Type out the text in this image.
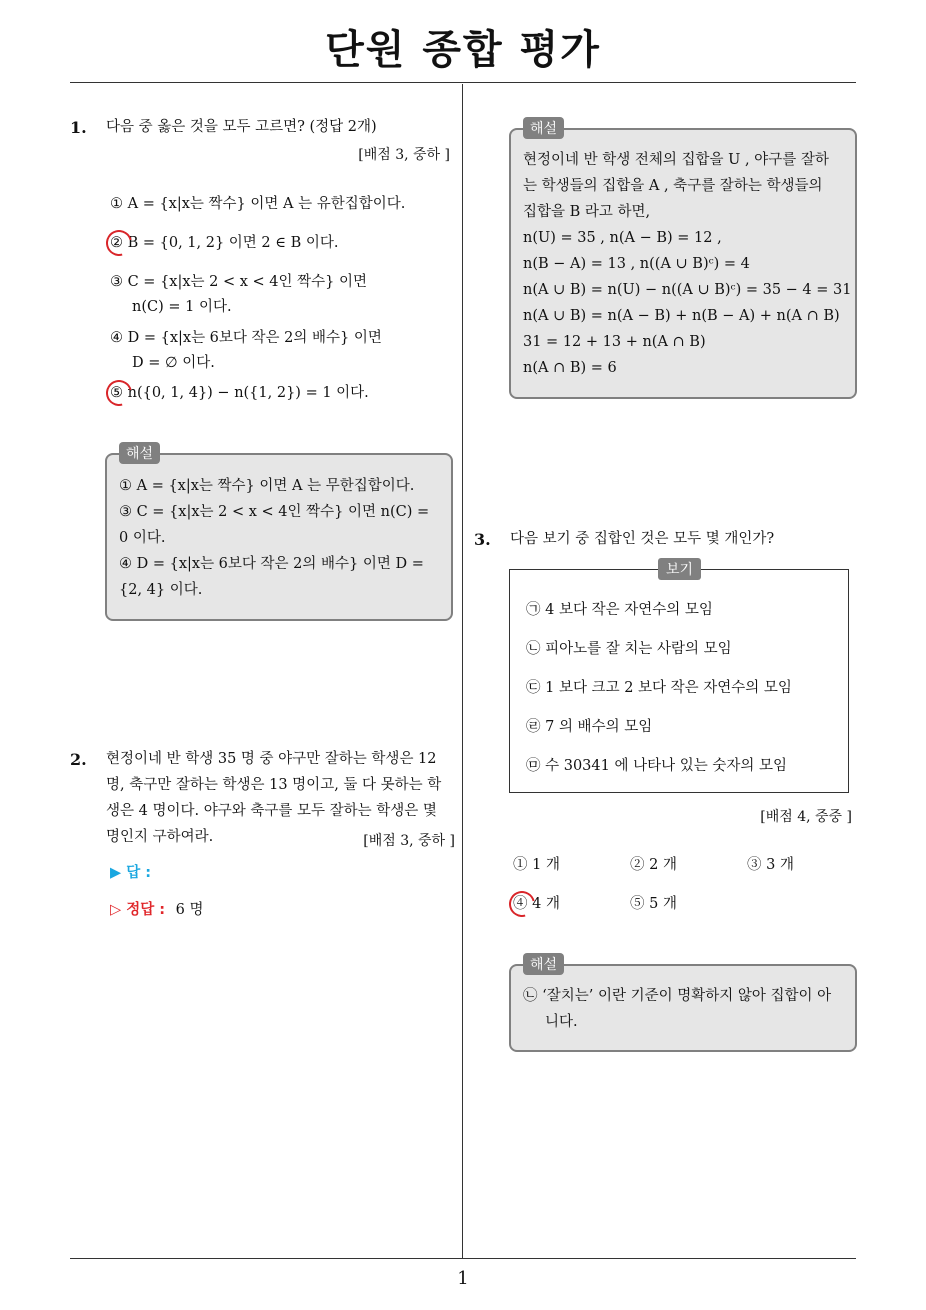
단원 종합 평가
1. 다음 중 옳은 것을 모두 고르면? (정답 2개)
[배점 3, 중하 ]
① A = {x|x는 짝수} 이면 A 는 유한집합이다.
② B = {0, 1, 2} 이면 2 ∈ B 이다.
③ C = {x|x는 2 < x < 4인 짝수} 이면
n(C) = 1 이다.
④ D = {x|x는 6보다 작은 2의 배수} 이면
D = ∅ 이다.
⑤ n({0, 1, 4}) − n({1, 2}) = 1 이다.
해설
① A = {x|x는 짝수} 이면 A 는 무한집합이다.
③ C = {x|x는 2 < x < 4인 짝수} 이면 n(C) =
0 이다.
④ D = {x|x는 6보다 작은 2의 배수} 이면 D =
{2, 4} 이다.
2. 현정이네 반 학생 35 명 중 야구만 잘하는 학생은 12
명, 축구만 잘하는 학생은 13 명이고, 둘 다 못하는 학
생은 4 명이다. 야구와 축구를 모두 잘하는 학생은 몇
명인지 구하여라.	[배점 3, 중하 ]
▶ 답 :
▷ 정답 : 6 명
해설
현정이네 반 학생 전체의 집합을 U , 야구를 잘하
는 학생들의 집합을 A , 축구를 잘하는 학생들의
집합을 B 라고 하면,
n(U) = 35 , n(A − B) = 12 ,
n(B − A) = 13 , n((A ∪ B)ᶜ) = 4
n(A ∪ B) = n(U) − n((A ∪ B)ᶜ) = 35 − 4 = 31
n(A ∪ B) = n(A − B) + n(B − A) + n(A ∩ B)
31 = 12 + 13 + n(A ∩ B)
n(A ∩ B) = 6
3. 다음 보기 중 집합인 것은 모두 몇 개인가?
보기
㉠ 4 보다 작은 자연수의 모임
㉡ 피아노를 잘 치는 사람의 모임
㉢ 1 보다 크고 2 보다 작은 자연수의 모임
㉣ 7 의 배수의 모임
㉤ 수 30341 에 나타나 있는 숫자의 모임
[배점 4, 중중 ]
① 1 개	② 2 개	③ 3 개
④ 4 개	⑤ 5 개
해설
㉡ ‘잘치는’ 이란 기준이 명확하지 않아 집합이 아
니다.
1
